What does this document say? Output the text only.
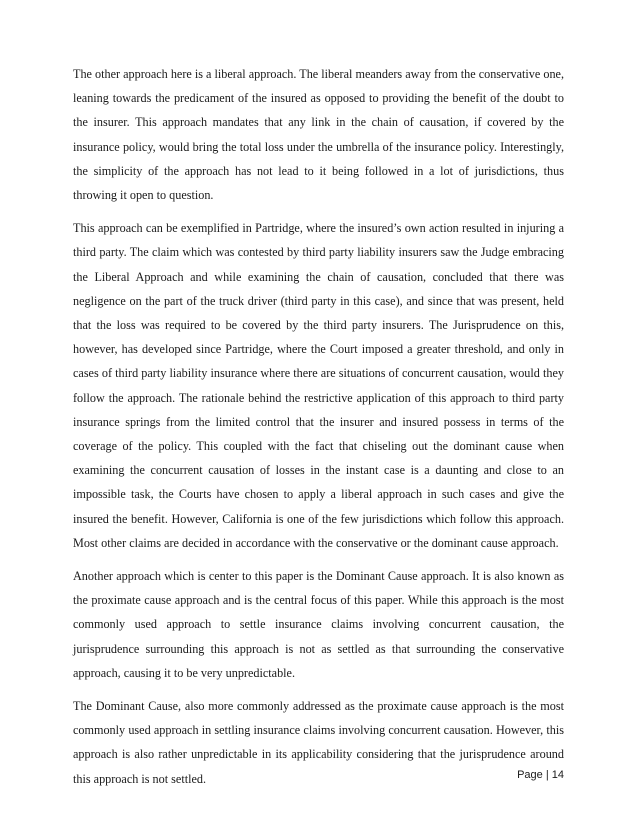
The other approach here is a liberal approach. The liberal meanders away from the conservative one, leaning towards the predicament of the insured as opposed to providing the benefit of the doubt to the insurer. This approach mandates that any link in the chain of causation, if covered by the insurance policy, would bring the total loss under the umbrella of the insurance policy. Interestingly, the simplicity of the approach has not lead to it being followed in a lot of jurisdictions, thus throwing it open to question.

This approach can be exemplified in Partridge, where the insured’s own action resulted in injuring a third party. The claim which was contested by third party liability insurers saw the Judge embracing the Liberal Approach and while examining the chain of causation, concluded that there was negligence on the part of the truck driver (third party in this case), and since that was present, held that the loss was required to be covered by the third party insurers. The Jurisprudence on this, however, has developed since Partridge, where the Court imposed a greater threshold, and only in cases of third party liability insurance where there are situations of concurrent causation, would they follow the approach. The rationale behind the restrictive application of this approach to third party insurance springs from the limited control that the insurer and insured possess in terms of the coverage of the policy. This coupled with the fact that chiseling out the dominant cause when examining the concurrent causation of losses in the instant case is a daunting and close to an impossible task, the Courts have chosen to apply a liberal approach in such cases and give the insured the benefit. However, California is one of the few jurisdictions which follow this approach. Most other claims are decided in accordance with the conservative or the dominant cause approach.

Another approach which is center to this paper is the Dominant Cause approach. It is also known as the proximate cause approach and is the central focus of this paper. While this approach is the most commonly used approach to settle insurance claims involving concurrent causation, the jurisprudence surrounding this approach is not as settled as that surrounding the conservative approach, causing it to be very unpredictable.

The Dominant Cause, also more commonly addressed as the proximate cause approach is the most commonly used approach in settling insurance claims involving concurrent causation. However, this approach is also rather unpredictable in its applicability considering that the jurisprudence around this approach is not settled.	Page | 14
